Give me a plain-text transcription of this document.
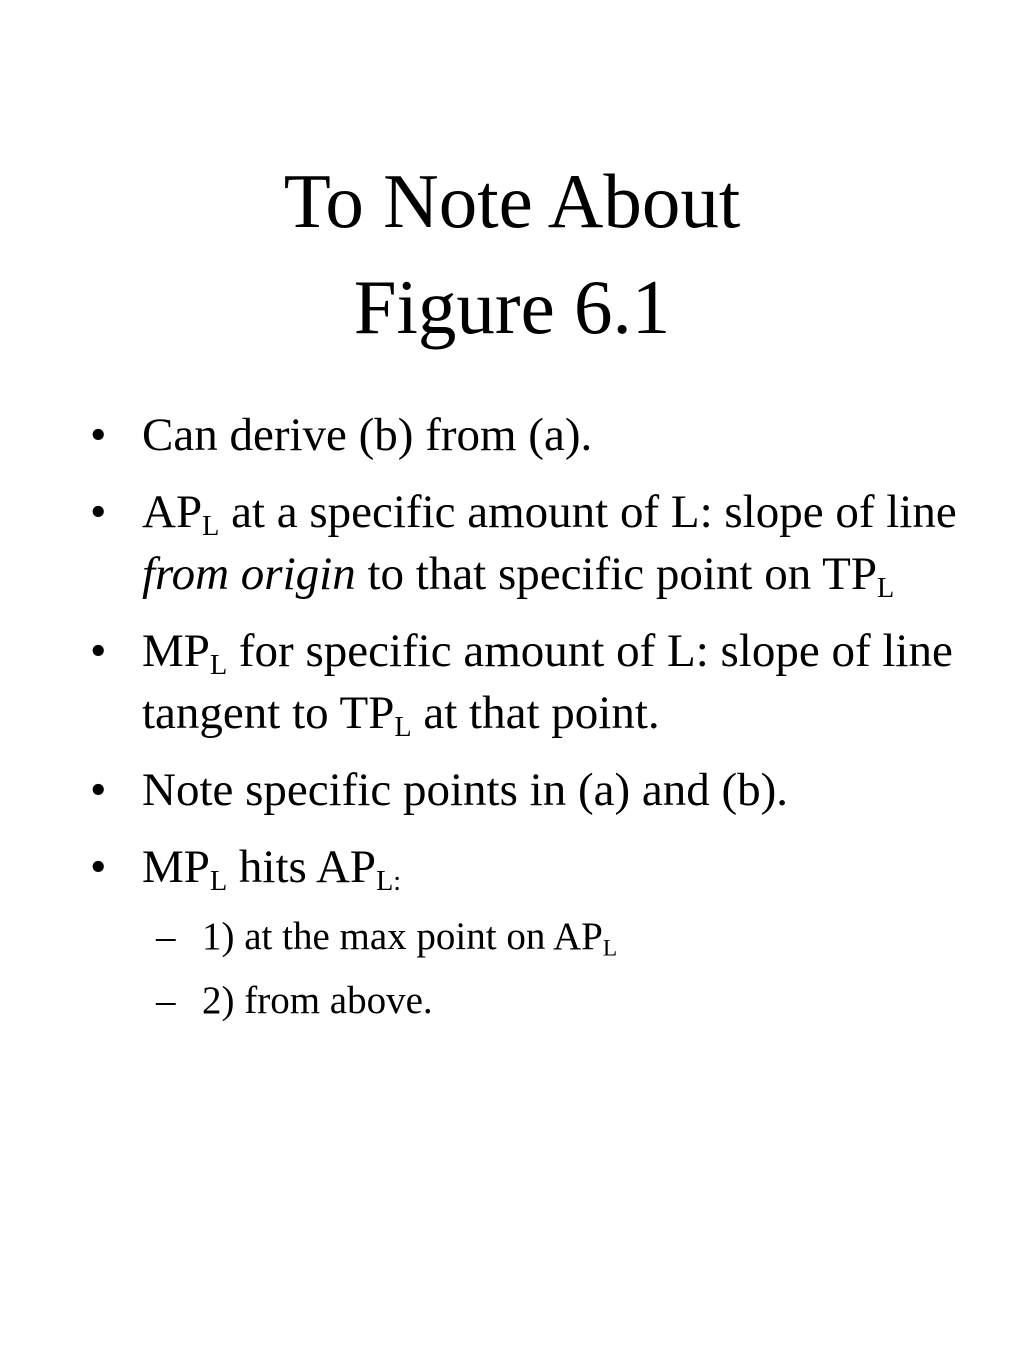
To Note About
Figure 6.1
• Can derive (b) from (a).
• $AP_L$ at a specific amount of L: slope of line from origin to that specific point on $TP_L$
• $MP_L$ for specific amount of L: slope of line tangent to $TP_L$ at that point.
• Note specific points in (a) and (b).
• $MP_L$ hits $AP_{L:}$
– 1) at the max point on $AP_L$
– 2) from above.
